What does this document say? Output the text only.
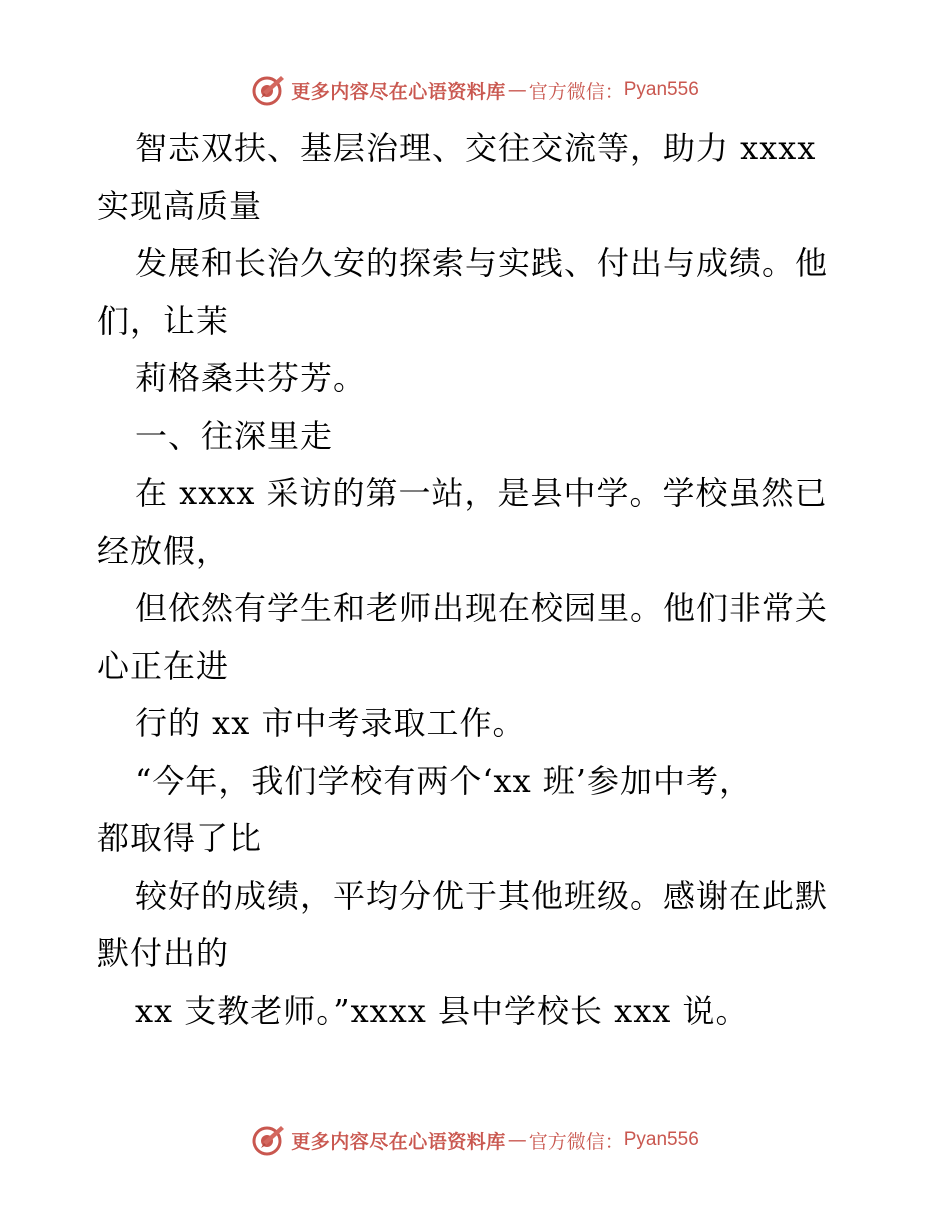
更多内容尽在心语资料库 — 官方微信： Pyan556
智志双扶、基层治理、交往交流等，助力 xxxx
实现高质量
发展和长治久安的探索与实践、付出与成绩。他
们，让茉
莉格桑共芬芳。
一、往深里走
在 xxxx 采访的第一站，是县中学。学校虽然已
经放假，
但依然有学生和老师出现在校园里。他们非常关
心正在进
行的 xx 市中考录取工作。
“今年，我们学校有两个‘xx 班’参加中考，
都取得了比
较好的成绩，平均分优于其他班级。感谢在此默
默付出的
xx 支教老师。”xxxx 县中学校长 xxx 说。
更多内容尽在心语资料库 — 官方微信： Pyan556
